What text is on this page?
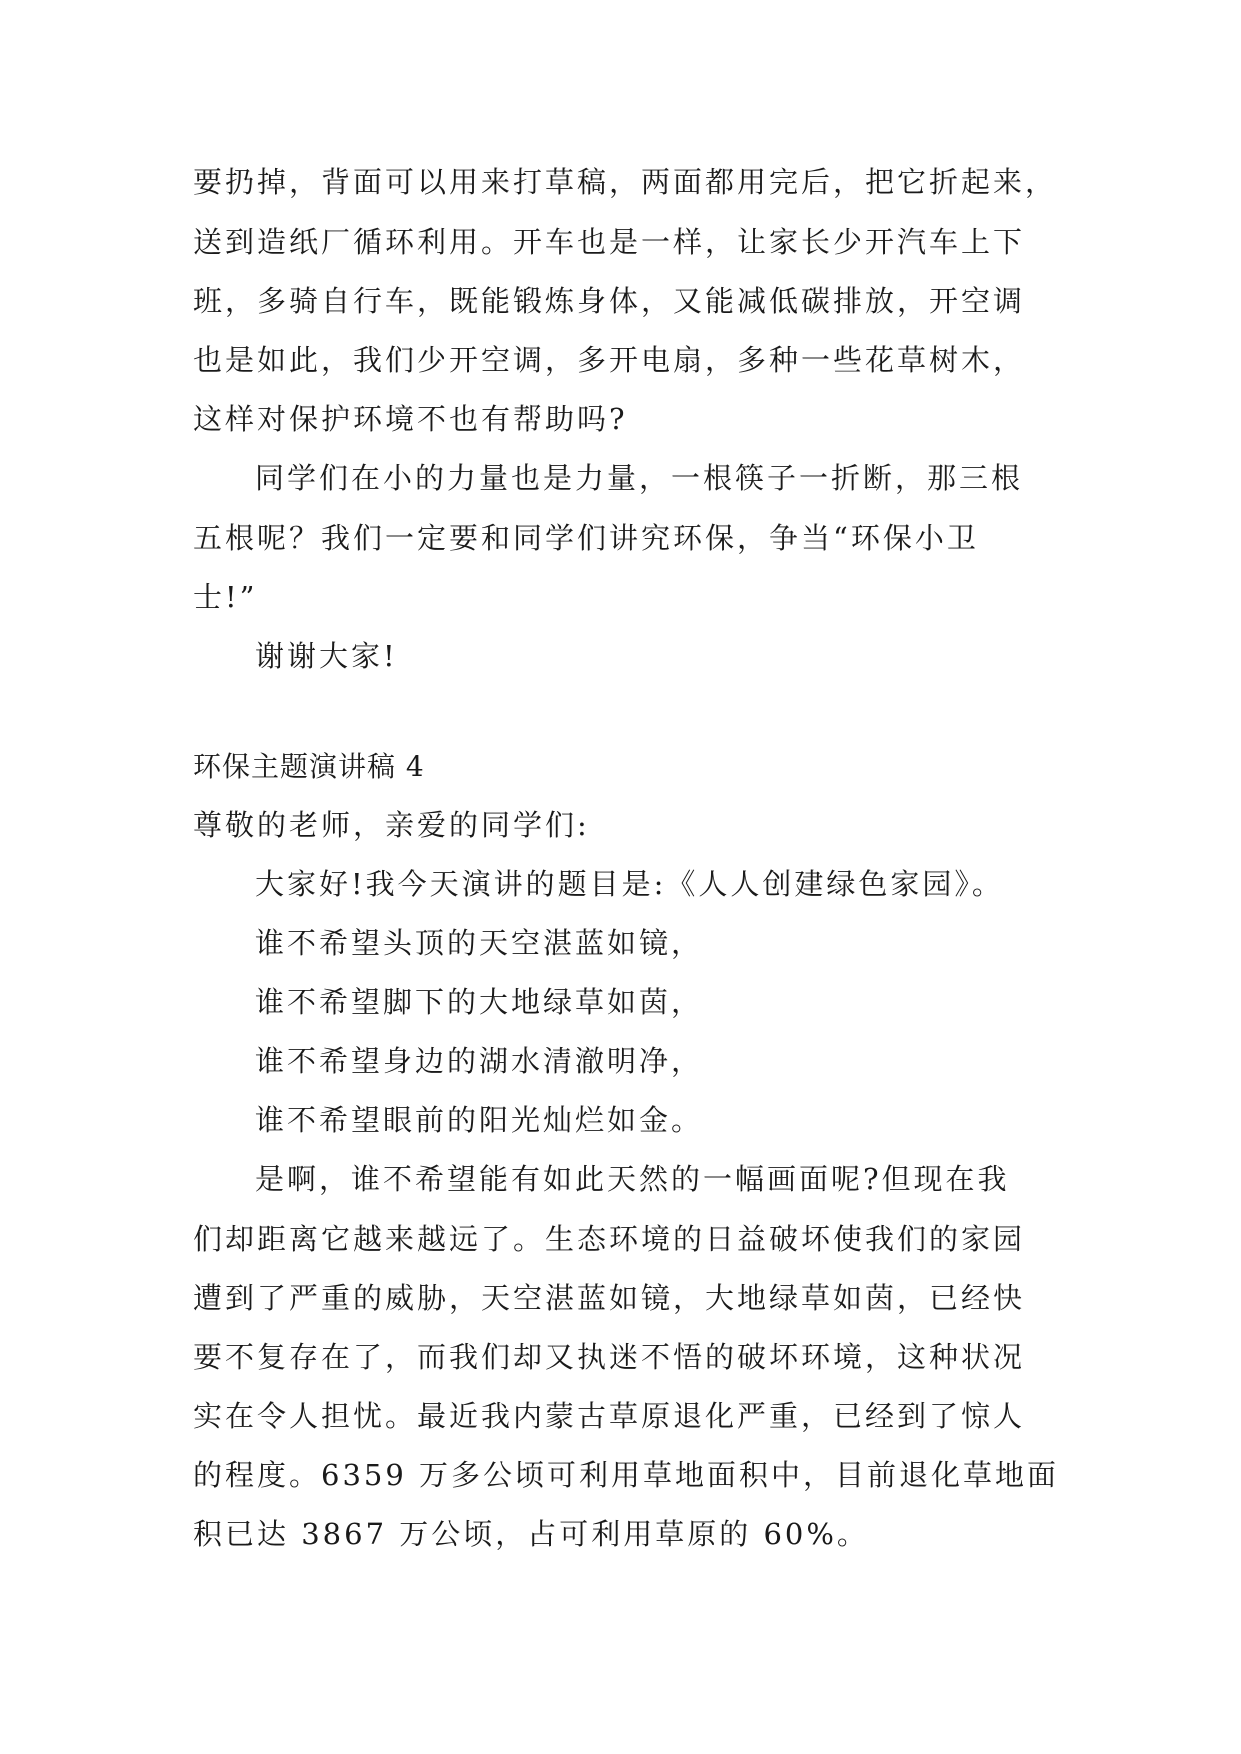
要扔掉，背面可以用来打草稿，两面都用完后，把它折起来，
送到造纸厂循环利用。开车也是一样，让家长少开汽车上下
班，多骑自行车，既能锻炼身体，又能减低碳排放，开空调
也是如此，我们少开空调，多开电扇，多种一些花草树木，
这样对保护环境不也有帮助吗?
同学们在小的力量也是力量，一根筷子一折断，那三根
五根呢？我们一定要和同学们讲究环保，争当“环保小卫
士!”
谢谢大家!
环保主题演讲稿 4
尊敬的老师，亲爱的同学们:
大家好!我今天演讲的题目是:《人人创建绿色家园》。
谁不希望头顶的天空湛蓝如镜，
谁不希望脚下的大地绿草如茵，
谁不希望身边的湖水清澈明净，
谁不希望眼前的阳光灿烂如金。
是啊，谁不希望能有如此天然的一幅画面呢?但现在我
们却距离它越来越远了。生态环境的日益破坏使我们的家园
遭到了严重的威胁，天空湛蓝如镜，大地绿草如茵，已经快
要不复存在了，而我们却又执迷不悟的破坏环境，这种状况
实在令人担忧。最近我内蒙古草原退化严重，已经到了惊人
的程度。6359 万多公顷可利用草地面积中，目前退化草地面
积已达 3867 万公顷，占可利用草原的 60%。
